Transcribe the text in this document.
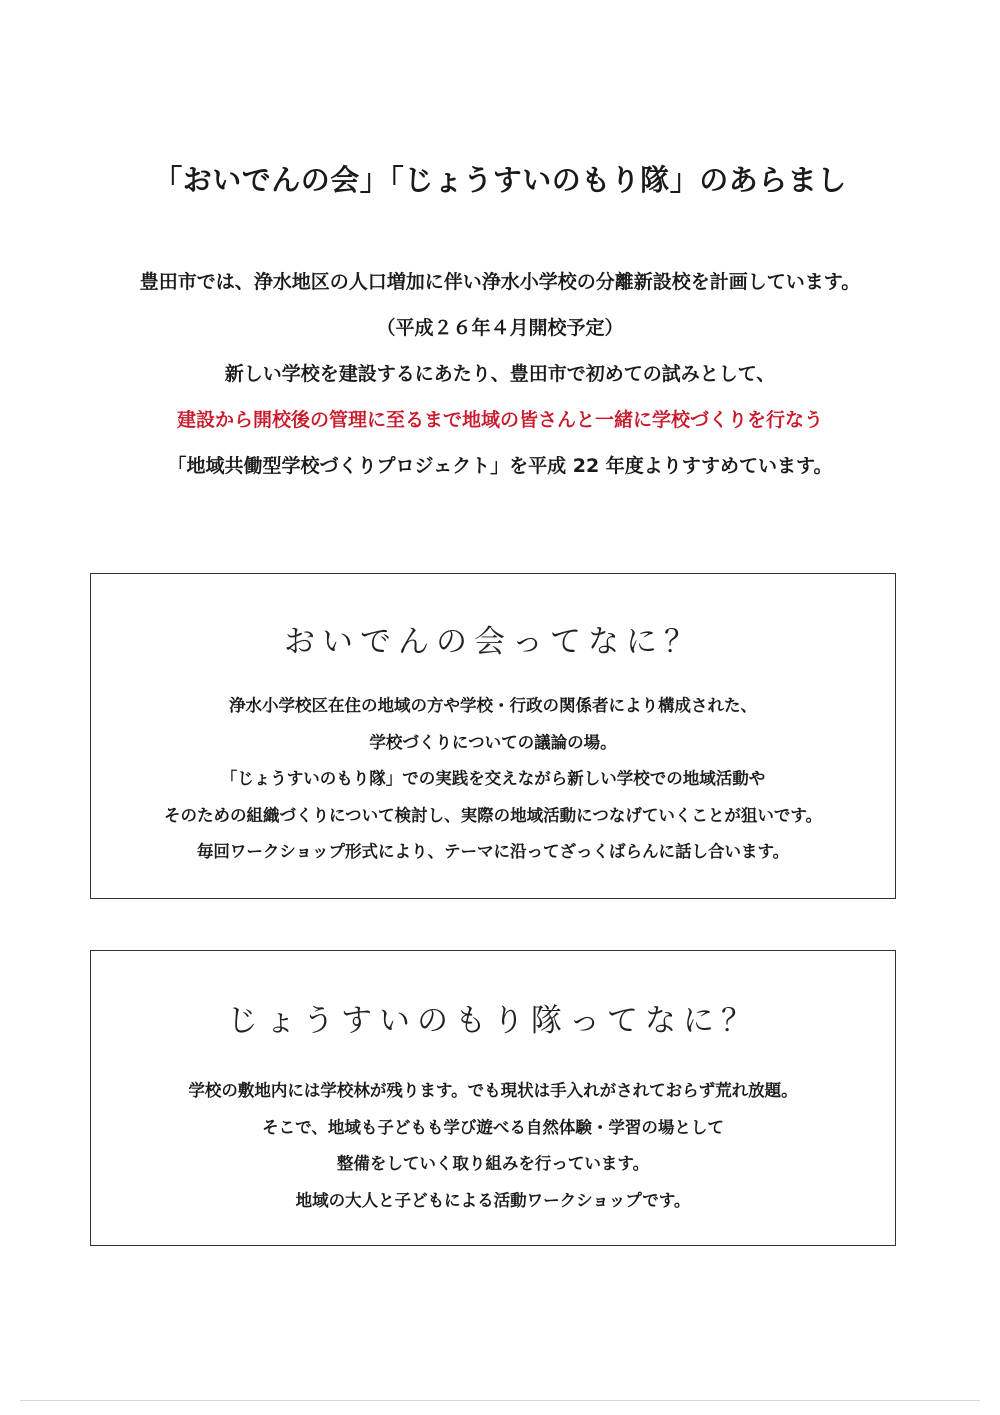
「おいでんの会」「じょうすいのもり隊」のあらまし
豊田市では、浄水地区の人口増加に伴い浄水小学校の分離新設校を計画しています。
（平成２６年４月開校予定）
新しい学校を建設するにあたり、豊田市で初めての試みとして、
建設から開校後の管理に至るまで地域の皆さんと一緒に学校づくりを行なう
「地域共働型学校づくりプロジェクト」を平成 22 年度よりすすめています。
おいでんの会ってなに？
浄水小学校区在住の地域の方や学校・行政の関係者により構成された、
学校づくりについての議論の場。
「じょうすいのもり隊」での実践を交えながら新しい学校での地域活動や
そのための組織づくりについて検討し、実際の地域活動につなげていくことが狙いです。
毎回ワークショップ形式により、テーマに沿ってざっくばらんに話し合います。
じょうすいのもり隊ってなに？
学校の敷地内には学校林が残ります。でも現状は手入れがされておらず荒れ放題。
そこで、地域も子どもも学び遊べる自然体験・学習の場として
整備をしていく取り組みを行っています。
地域の大人と子どもによる活動ワークショップです。
